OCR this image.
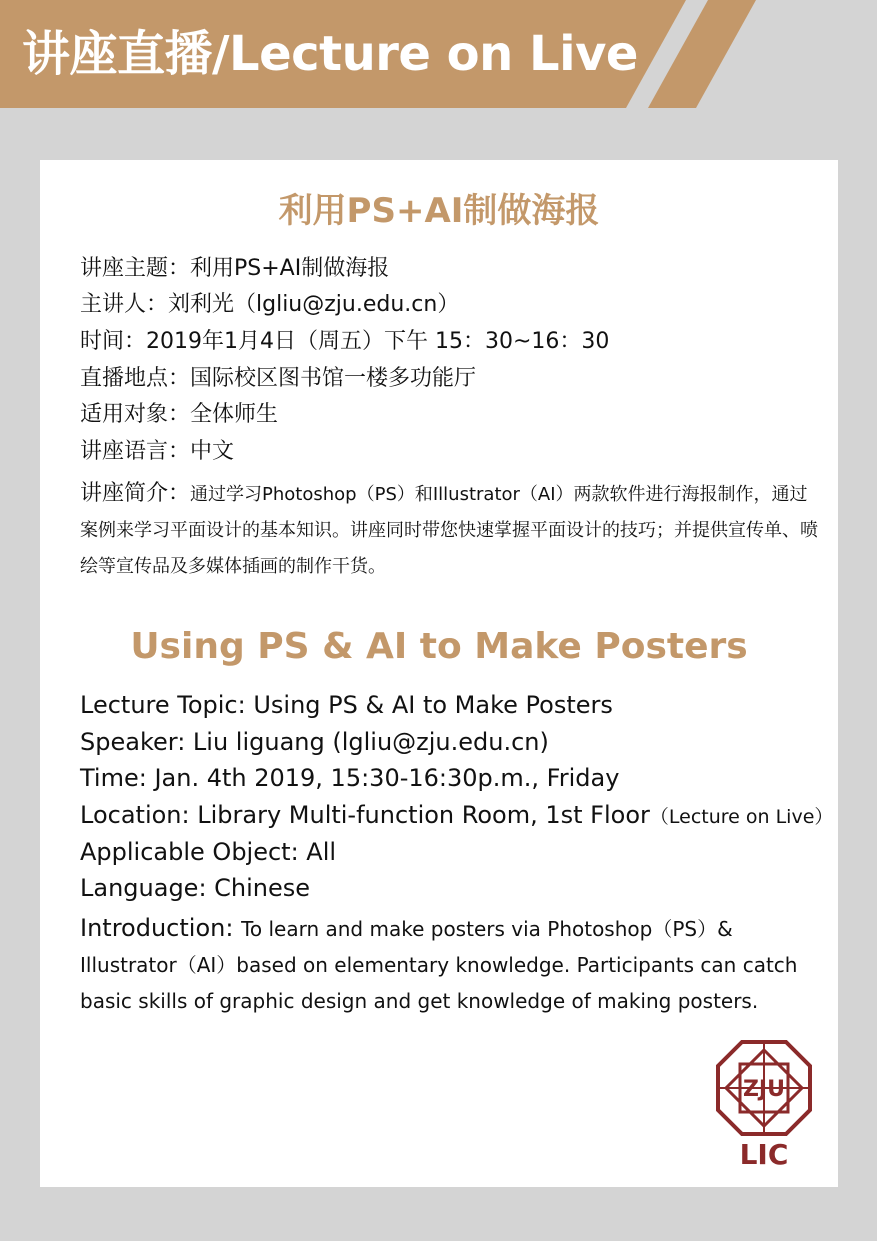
讲座直播/Lecture on Live
利用PS+AI制做海报
讲座主题：利用PS+AI制做海报
主讲人：刘利光（lgliu@zju.edu.cn）
时间：2019年1月4日（周五）下午 15：30~16：30
直播地点：国际校区图书馆一楼多功能厅
适用对象：全体师生
讲座语言：中文
讲座简介：通过学习Photoshop（PS）和Illustrator（AI）两款软件进行海报制作，通过案例来学习平面设计的基本知识。讲座同时带您快速掌握平面设计的技巧；并提供宣传单、喷绘等宣传品及多媒体插画的制作干货。
Using PS & AI to Make Posters
Lecture Topic: Using PS & AI to Make Posters
Speaker: Liu liguang (lgliu@zju.edu.cn)
Time: Jan. 4th 2019, 15:30-16:30p.m., Friday
Location: Library Multi-function Room, 1st Floor（Lecture on Live）
Applicable Object: All
Language: Chinese
Introduction: To learn and make posters via Photoshop（PS）& Illustrator（AI）based on elementary knowledge. Participants can catch basic skills of graphic design and get knowledge of making posters.
ZJU
LIC
